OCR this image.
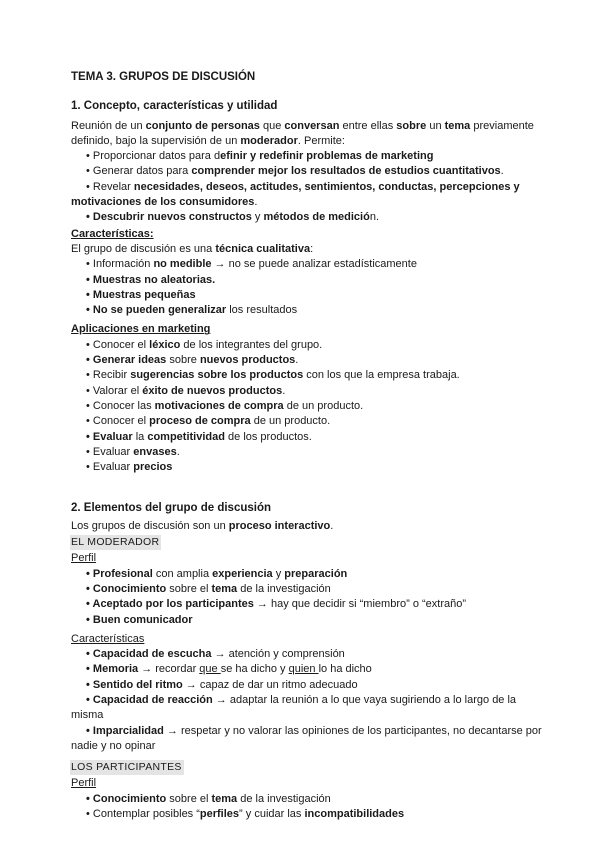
TEMA 3. GRUPOS DE DISCUSIÓN
1. Concepto, características y utilidad
Reunión de un conjunto de personas que conversan entre ellas sobre un tema previamente definido, bajo la supervisión de un moderador. Permite:
• Proporcionar datos para definir y redefinir problemas de marketing
• Generar datos para comprender mejor los resultados de estudios cuantitativos.
• Revelar necesidades, deseos, actitudes, sentimientos, conductas, percepciones y motivaciones de los consumidores.
• Descubrir nuevos constructos y métodos de medición.
Características:
El grupo de discusión es una técnica cualitativa:
• Información no medible → no se puede analizar estadísticamente
• Muestras no aleatorias.
• Muestras pequeñas
• No se pueden generalizar los resultados
Aplicaciones en marketing
• Conocer el léxico de los integrantes del grupo.
• Generar ideas sobre nuevos productos.
• Recibir sugerencias sobre los productos con los que la empresa trabaja.
• Valorar el éxito de nuevos productos.
• Conocer las motivaciones de compra de un producto.
• Conocer el proceso de compra de un producto.
• Evaluar la competitividad de los productos.
• Evaluar envases.
• Evaluar precios
2. Elementos del grupo de discusión
Los grupos de discusión son un proceso interactivo.
EL MODERADOR
Perfil
• Profesional con amplia experiencia y preparación
• Conocimiento sobre el tema de la investigación
• Aceptado por los participantes → hay que decidir si “miembro” o “extraño”
• Buen comunicador
Características
• Capacidad de escucha → atención y comprensión
• Memoria → recordar que se ha dicho y quien lo ha dicho
• Sentido del ritmo → capaz de dar un ritmo adecuado
• Capacidad de reacción → adaptar la reunión a lo que vaya sugiriendo a lo largo de la misma
• Imparcialidad → respetar y no valorar las opiniones de los participantes, no decantarse por nadie y no opinar
LOS PARTICIPANTES
Perfil
• Conocimiento sobre el tema de la investigación
• Contemplar posibles “perfiles” y cuidar las incompatibilidades
